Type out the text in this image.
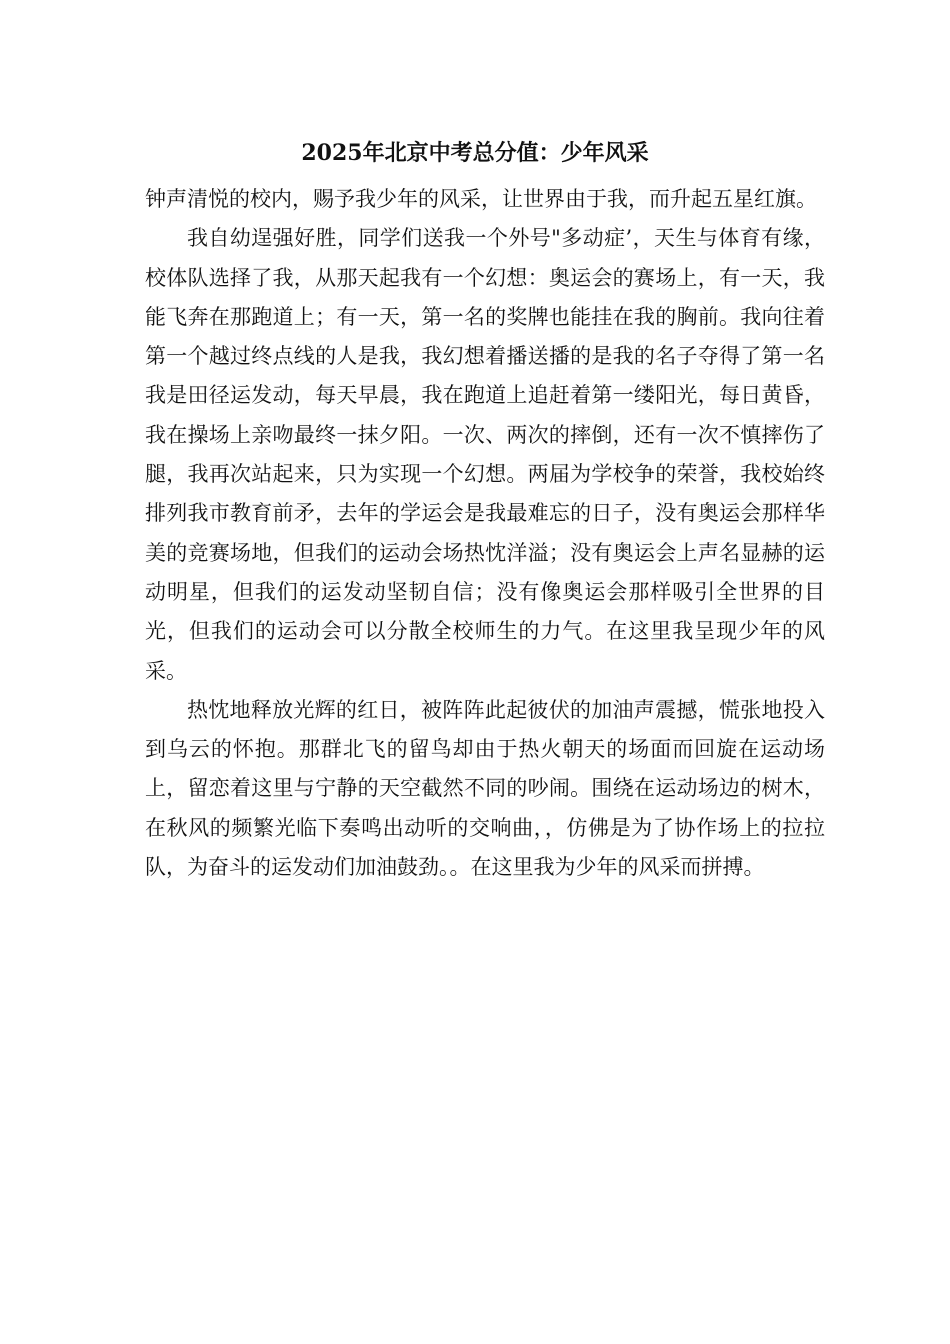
2025年北京中考总分值：少年风采

钟声清悦的校内，赐予我少年的风采，让世界由于我，而升起五星红旗。

我自幼逞强好胜，同学们送我一个外号"多动症’，天生与体育有缘，校体队选择了我，从那天起我有一个幻想：奥运会的赛场上，有一天，我能飞奔在那跑道上；有一天，第一名的奖牌也能挂在我的胸前。我向往着第一个越过终点线的人是我，我幻想着播送播的是我的名子夺得了第一名我是田径运发动，每天早晨，我在跑道上追赶着第一缕阳光，每日黄昏，我在操场上亲吻最终一抹夕阳。一次、两次的摔倒，还有一次不慎摔伤了腿，我再次站起来，只为实现一个幻想。两届为学校争的荣誉，我校始终排列我市教育前矛，去年的学运会是我最难忘的日子，没有奥运会那样华美的竞赛场地，但我们的运动会场热忱洋溢；没有奥运会上声名显赫的运动明星，但我们的运发动坚韧自信；没有像奥运会那样吸引全世界的目光，但我们的运动会可以分散全校师生的力气。在这里我呈现少年的风采。

热忱地释放光辉的红日，被阵阵此起彼伏的加油声震撼，慌张地投入到乌云的怀抱。那群北飞的留鸟却由于热火朝天的场面而回旋在运动场上，留恋着这里与宁静的天空截然不同的吵闹。围绕在运动场边的树木，在秋风的频繁光临下奏鸣出动听的交响曲，，仿佛是为了协作场上的拉拉队，为奋斗的运发动们加油鼓劲。。在这里我为少年的风采而拼搏。
